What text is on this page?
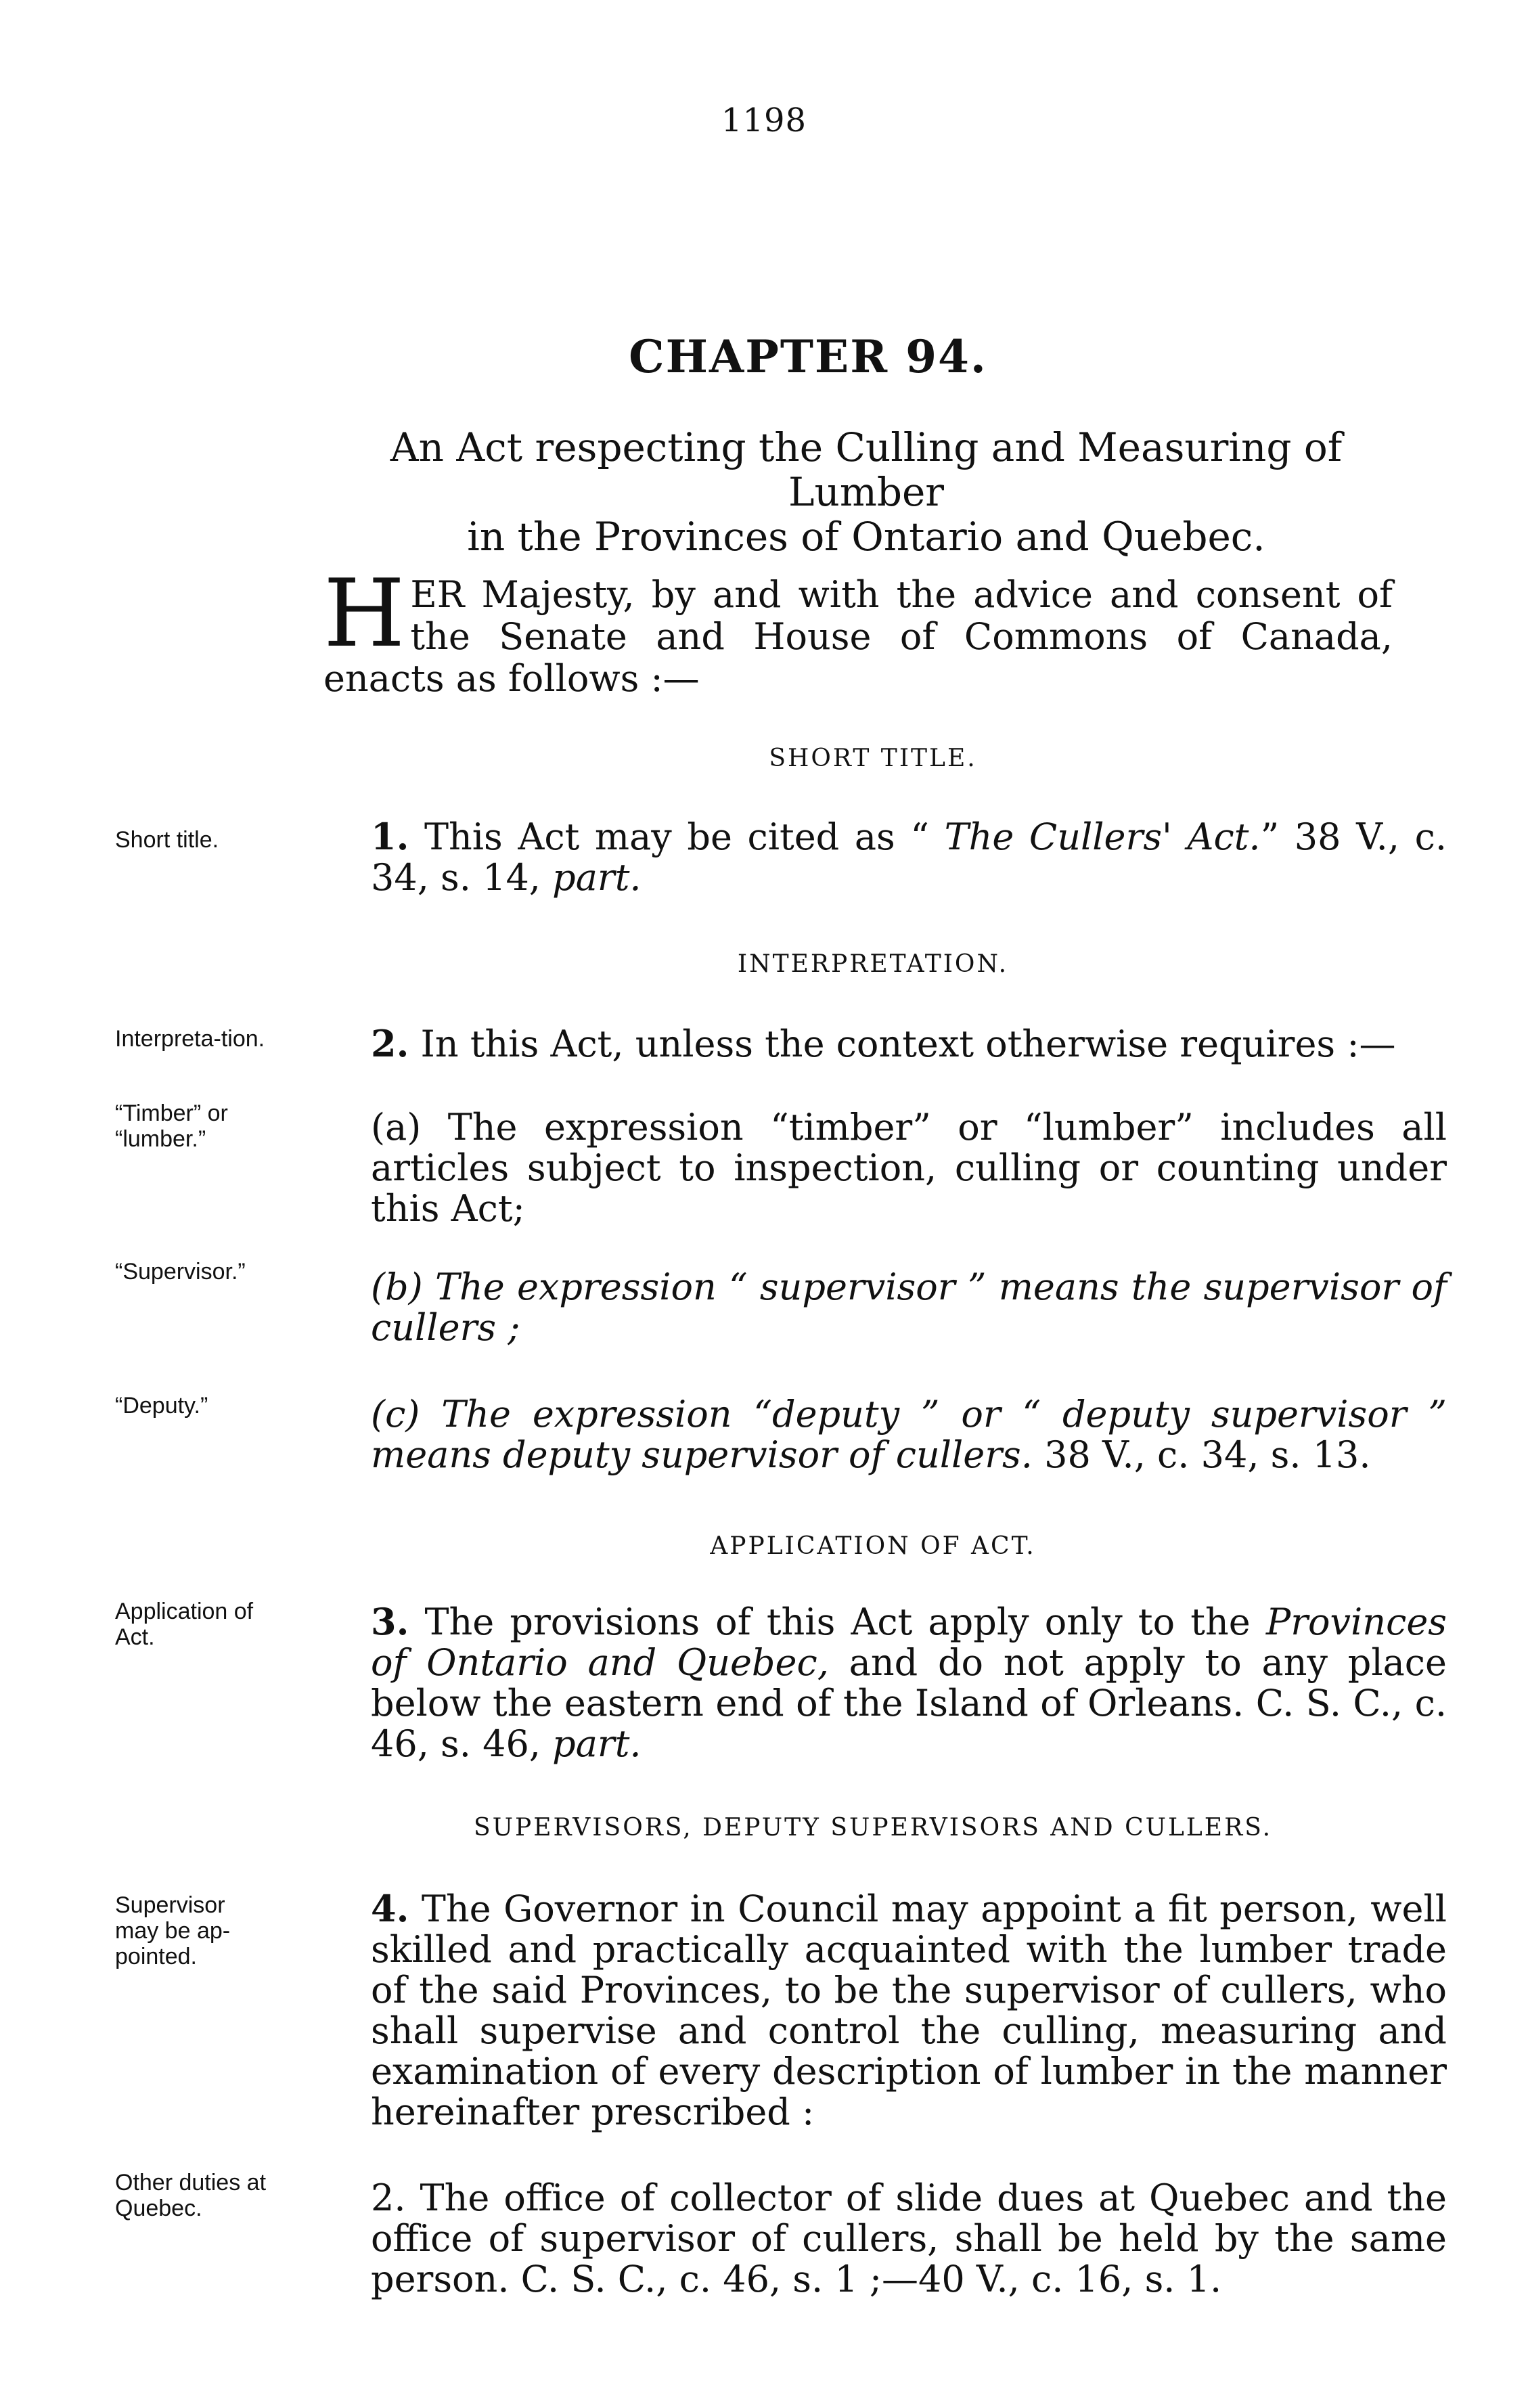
1198
CHAPTER 94.
An Act respecting the Culling and Measuring of Lumber
in the Provinces of Ontario and Quebec.
H ER Majesty, by and with the advice and consent of the Senate and House of Commons of Canada, enacts as follows :—
SHORT TITLE.
Short title.	1. This Act may be cited as “ The Cullers' Act.” 38 V., c. 34, s. 14, part.
INTERPRETATION.
Interpreta-tion.	2. In this Act, unless the context otherwise requires :—
“Timber” or “lumber.”	(a) The expression “timber” or “lumber” includes all articles subject to inspection, culling or counting under this Act;
“Supervisor.”	(b) The expression “ supervisor ” means the supervisor of cullers ;
“Deputy.”	(c) The expression “deputy ” or “ deputy supervisor ” means deputy supervisor of cullers. 38 V., c. 34, s. 13.
APPLICATION OF ACT.
Application of Act.	3. The provisions of this Act apply only to the Provinces of Ontario and Quebec, and do not apply to any place below the eastern end of the Island of Orleans. C. S. C., c. 46, s. 46, part.
SUPERVISORS, DEPUTY SUPERVISORS AND CULLERS.
Supervisor may be ap-pointed.
4. The Governor in Council may appoint a fit person, well skilled and practically acquainted with the lumber trade of the said Provinces, to be the supervisor of cullers, who shall supervise and control the culling, measuring and examination of every description of lumber in the manner hereinafter prescribed :
Other duties at Quebec.	2. The office of collector of slide dues at Quebec and the office of supervisor of cullers, shall be held by the same person. C. S. C., c. 46, s. 1 ;—40 V., c. 16, s. 1.
